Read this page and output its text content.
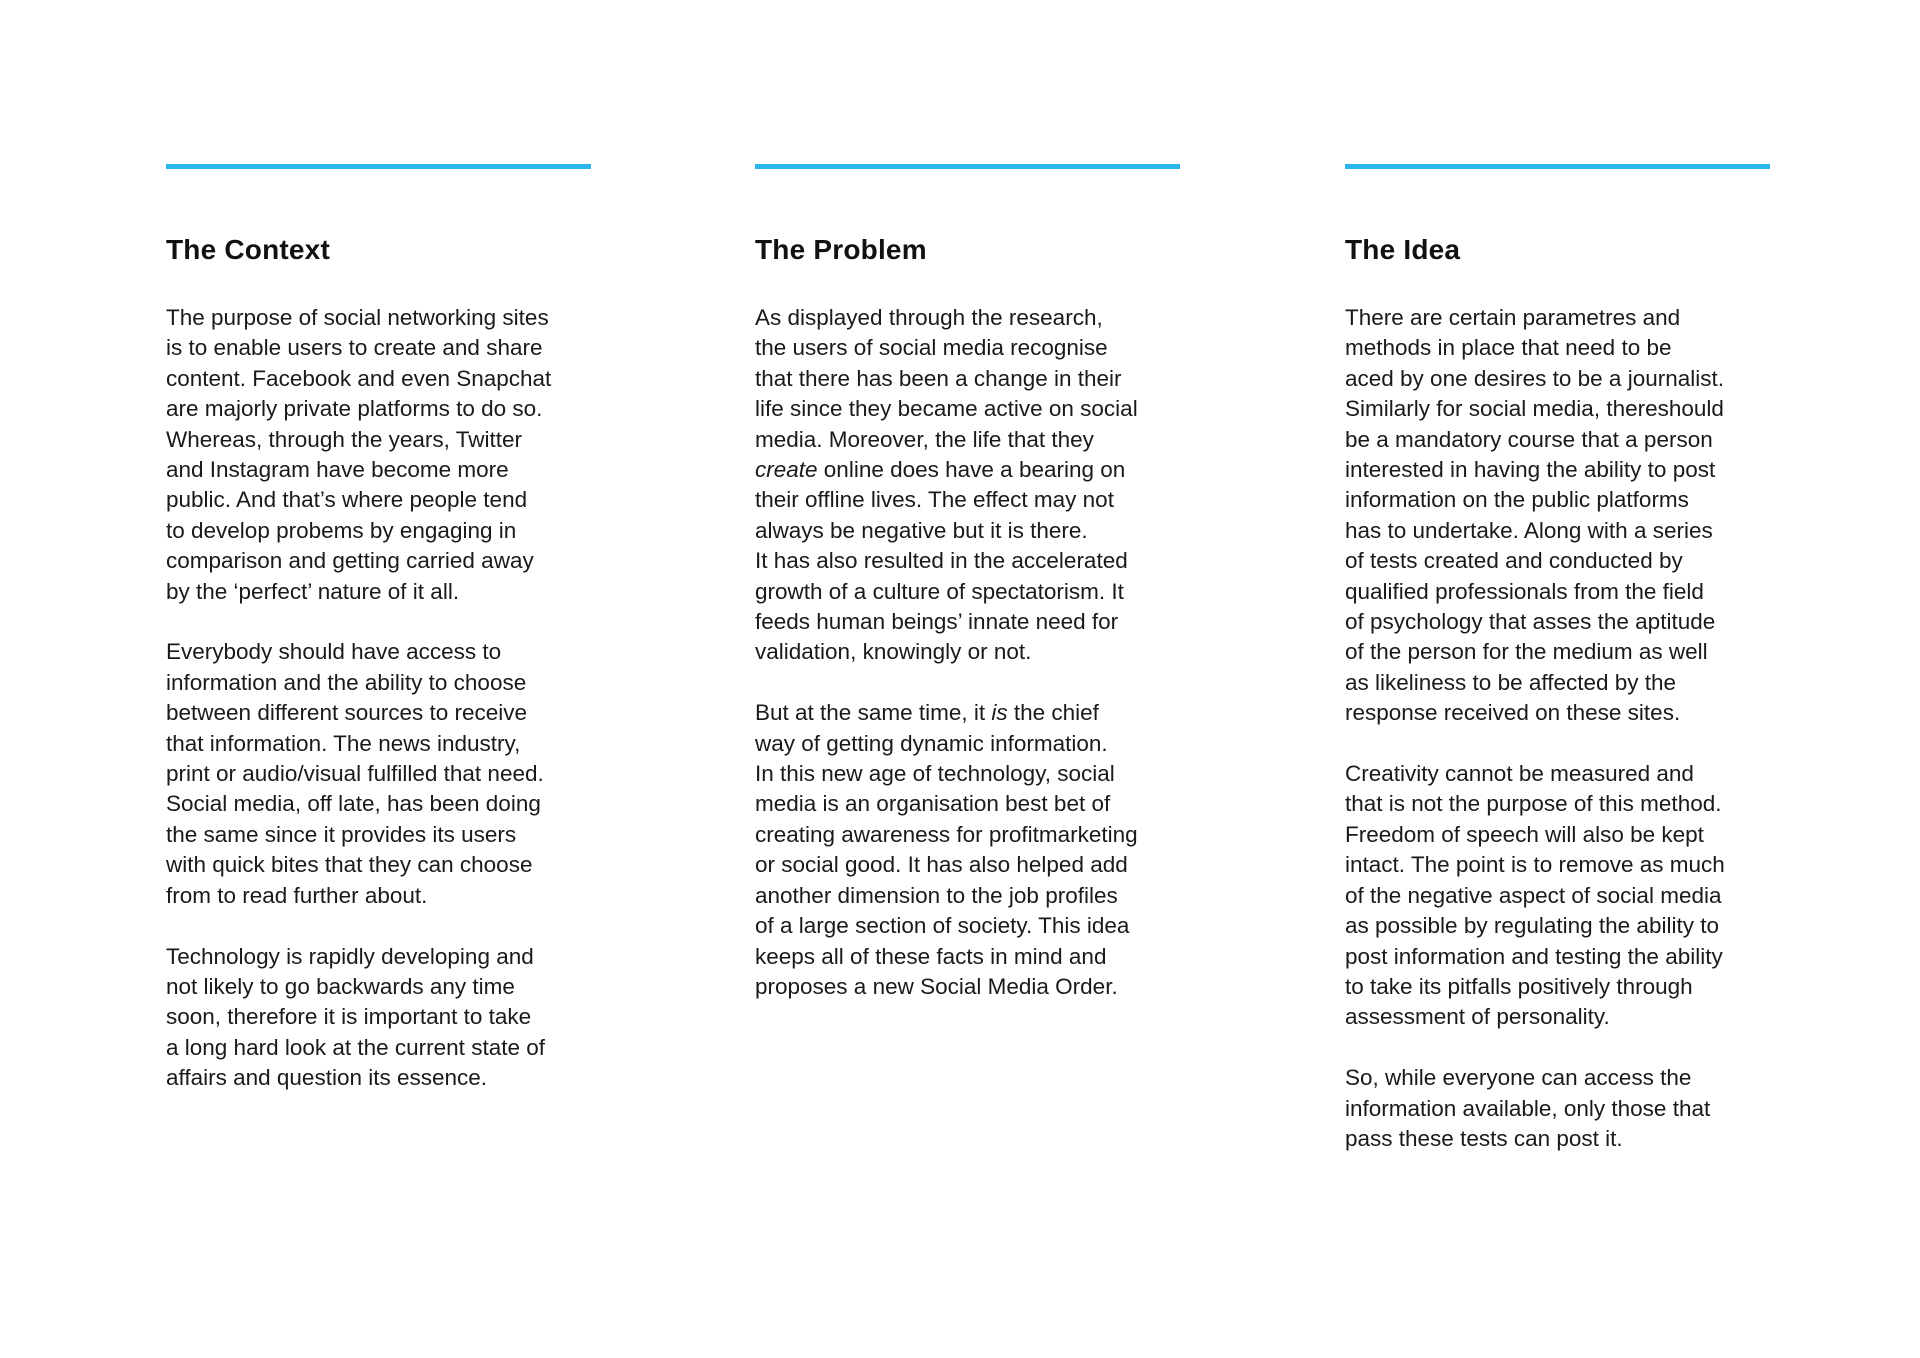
The Context

The purpose of social networking sites
is to enable users to create and share
content. Facebook and even Snapchat
are majorly private platforms to do so.
Whereas, through the years, Twitter
and Instagram have become more
public. And that’s where people tend
to develop probems by engaging in
comparison and getting carried away
by the ‘perfect’ nature of it all.

Everybody should have access to
information and the ability to choose
between different sources to receive
that information. The news industry,
print or audio/visual fulfilled that need.
Social media, off late, has been doing
the same since it provides its users
with quick bites that they can choose
from to read further about.

Technology is rapidly developing and
not likely to go backwards any time
soon, therefore it is important to take
a long hard look at the current state of
affairs and question its essence.

The Problem

As displayed through the research,
the users of social media recognise
that there has been a change in their
life since they became active on social
media. Moreover, the life that they
create online does have a bearing on
their offline lives. The effect may not
always be negative but it is there.
It has also resulted in the accelerated
growth of a culture of spectatorism. It
feeds human beings’ innate need for
validation, knowingly or not.

But at the same time, it is the chief
way of getting dynamic information.
In this new age of technology, social
media is an organisation best bet of
creating awareness for profitmarketing
or social good. It has also helped add
another dimension to the job profiles
of a large section of society. This idea
keeps all of these facts in mind and
proposes a new Social Media Order.

The Idea

There are certain parametres and
methods in place that need to be
aced by one desires to be a journalist.
Similarly for social media, thereshould
be a mandatory course that a person
interested in having the ability to post
information on the public platforms
has to undertake. Along with a series
of tests created and conducted by
qualified professionals from the field
of psychology that asses the aptitude
of the person for the medium as well
as likeliness to be affected by the
response received on these sites.

Creativity cannot be measured and
that is not the purpose of this method.
Freedom of speech will also be kept
intact. The point is to remove as much
of the negative aspect of social media
as possible by regulating the ability to
post information and testing the ability
to take its pitfalls positively through
assessment of personality.

So, while everyone can access the
information available, only those that
pass these tests can post it.
